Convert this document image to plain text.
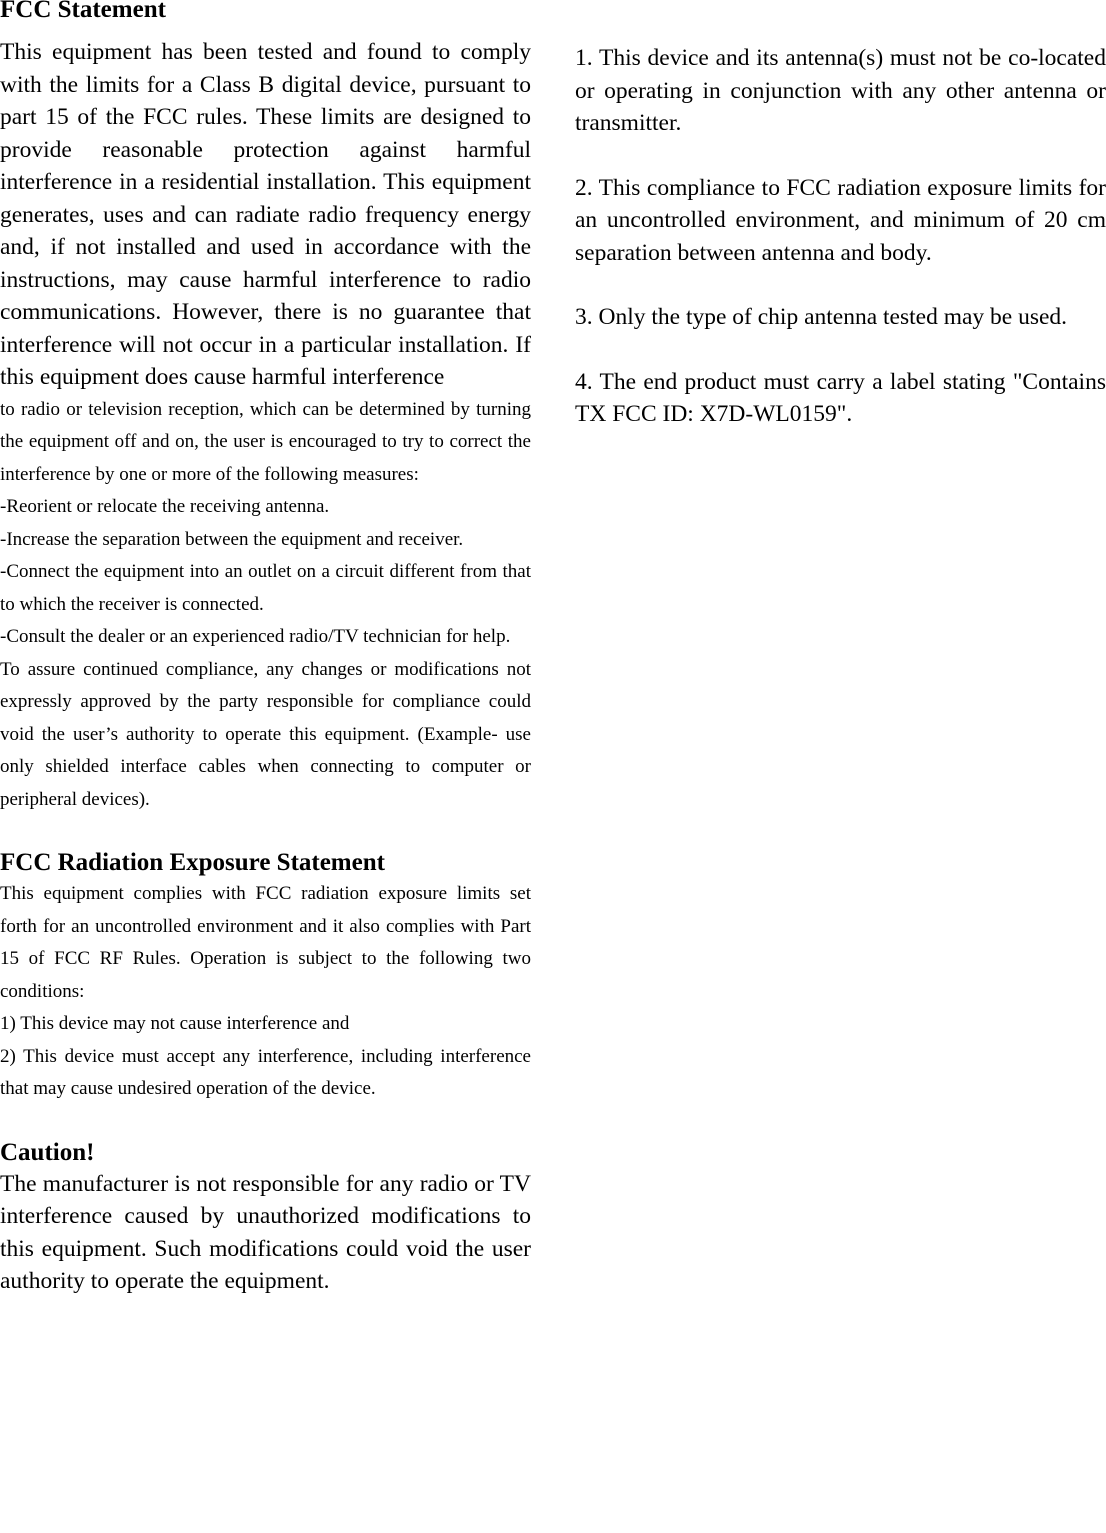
FCC Statement

This equipment has been tested and found to comply with the limits for a Class B digital device, pursuant to part 15 of the FCC rules. These limits are designed to provide reasonable protection against harmful interference in a residential installation. This equipment generates, uses and can radiate radio frequency energy and, if not installed and used in accordance with the instructions, may cause harmful interference to radio communications. However, there is no guarantee that interference will not occur in a particular installation. If this equipment does cause harmful interference

to radio or television reception, which can be determined by turning the equipment off and on, the user is encouraged to try to correct the interference by one or more of the following measures:

-Reorient or relocate the receiving antenna.

-Increase the separation between the equipment and receiver.

-Connect the equipment into an outlet on a circuit different from that to which the receiver is connected.

-Consult the dealer or an experienced radio/TV technician for help.

To assure continued compliance, any changes or modifications not expressly approved by the party responsible for compliance could void the user’s authority to operate this equipment. (Example- use only shielded interface cables when connecting to computer or peripheral devices).

FCC Radiation Exposure Statement

This equipment complies with FCC radiation exposure limits set forth for an uncontrolled environment and it also complies with Part 15 of FCC RF Rules. Operation is subject to the following two conditions:

1) This device may not cause interference and

2) This device must accept any interference, including interference that may cause undesired operation of the device.

Caution!

The manufacturer is not responsible for any radio or TV interference caused by unauthorized modifications to this equipment. Such modifications could void the user authority to operate the equipment.

1. This device and its antenna(s) must not be co-located or operating in conjunction with any other antenna or transmitter.

2. This compliance to FCC radiation exposure limits for an uncontrolled environment, and minimum of 20 cm separation between antenna and body.

3. Only the type of chip antenna tested may be used.

4. The end product must carry a label stating "Contains TX FCC ID: X7D-WL0159".
